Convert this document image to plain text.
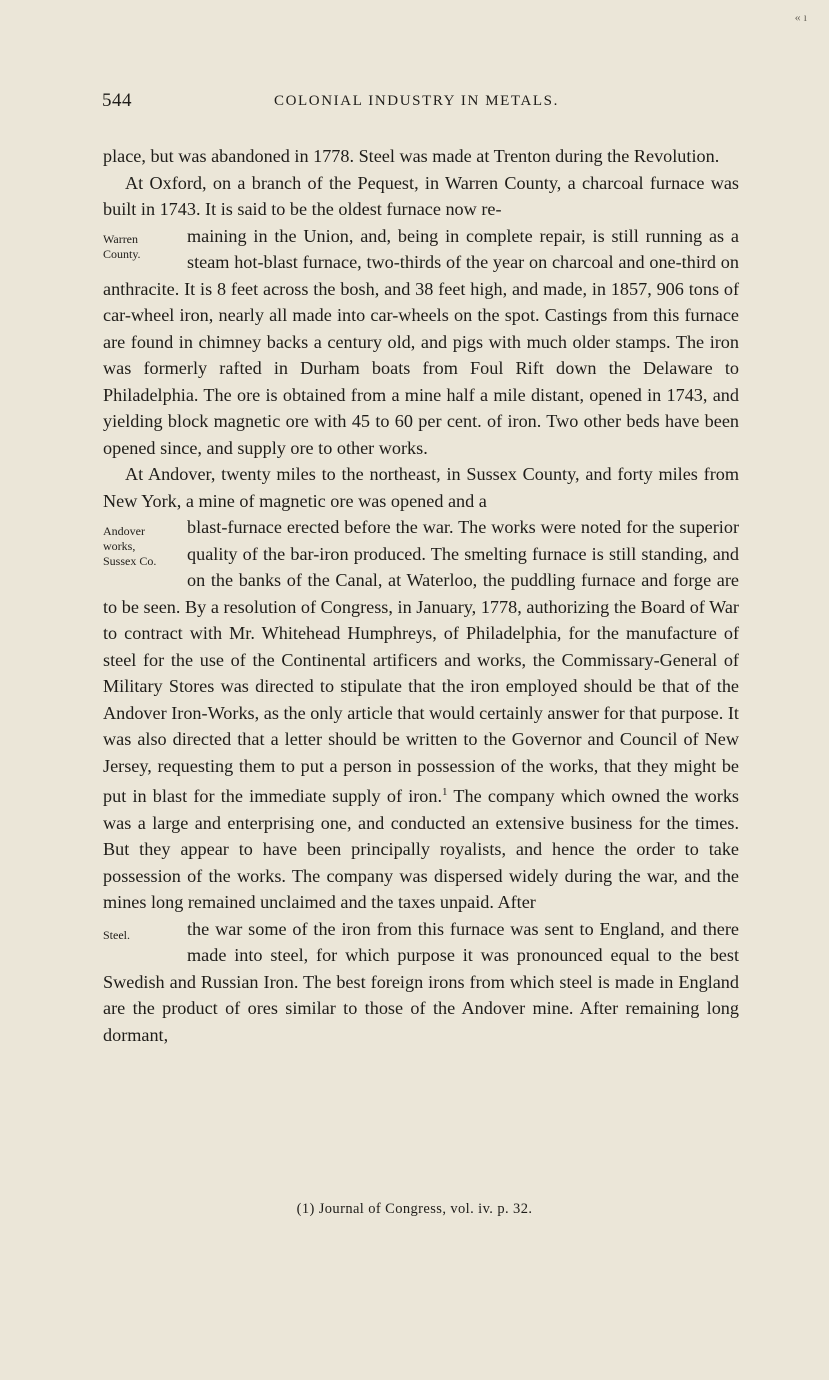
« ı
544	COLONIAL INDUSTRY IN METALS.

place, but was abandoned in 1778. Steel was made at Trenton during the Revolution.

At Oxford, on a branch of the Pequest, in Warren County, a charcoal furnace was built in 1743. It is said to be the oldest furnace now re-

Warren
County.
maining in the Union, and, being in complete repair, is still running as a steam hot-blast furnace, two-thirds of the year on charcoal and one-third on anthracite. It is 8 feet across the bosh, and 38 feet high, and made, in 1857, 906 tons of car-wheel iron, nearly all made into car-wheels on the spot. Castings from this furnace are found in chimney backs a century old, and pigs with much older stamps. The iron was formerly rafted in Durham boats from Foul Rift down the Delaware to Philadelphia. The ore is obtained from a mine half a mile distant, opened in 1743, and yielding block magnetic ore with 45 to 60 per cent. of iron. Two other beds have been opened since, and supply ore to other works.

At Andover, twenty miles to the northeast, in Sussex County, and forty miles from New York, a mine of magnetic ore was opened and a

Andover
works,
Sussex Co.
blast-furnace erected before the war. The works were noted for the superior quality of the bar-iron produced. The smelting furnace is still standing, and on the banks of the Canal, at Waterloo, the puddling furnace and forge are to be seen. By a resolution of Congress, in January, 1778, authorizing the Board of War to contract with Mr. Whitehead Humphreys, of Philadelphia, for the manufacture of steel for the use of the Continental artificers and works, the Commissary-General of Military Stores was directed to stipulate that the iron employed should be that of the Andover Iron-Works, as the only article that would certainly answer for that purpose. It was also directed that a letter should be written to the Governor and Council of New Jersey, requesting them to put a person in possession of the works, that they might be put in blast for the immediate supply of iron.$^1$ The company which owned the works was a large and enterprising one, and conducted an extensive business for the times. But they appear to have been principally royalists, and hence the order to take possession of the works. The company was dispersed widely during the war, and the mines long remained unclaimed and the taxes unpaid. After

Steel.	the war some of the iron from this furnace was sent to England, and there made into steel, for which purpose it was pronounced equal to the best Swedish and Russian Iron. The best foreign irons from which steel is made in England are the product of ores similar to those of the Andover mine. After remaining long dormant,

(1) Journal of Congress, vol. iv. p. 32.
